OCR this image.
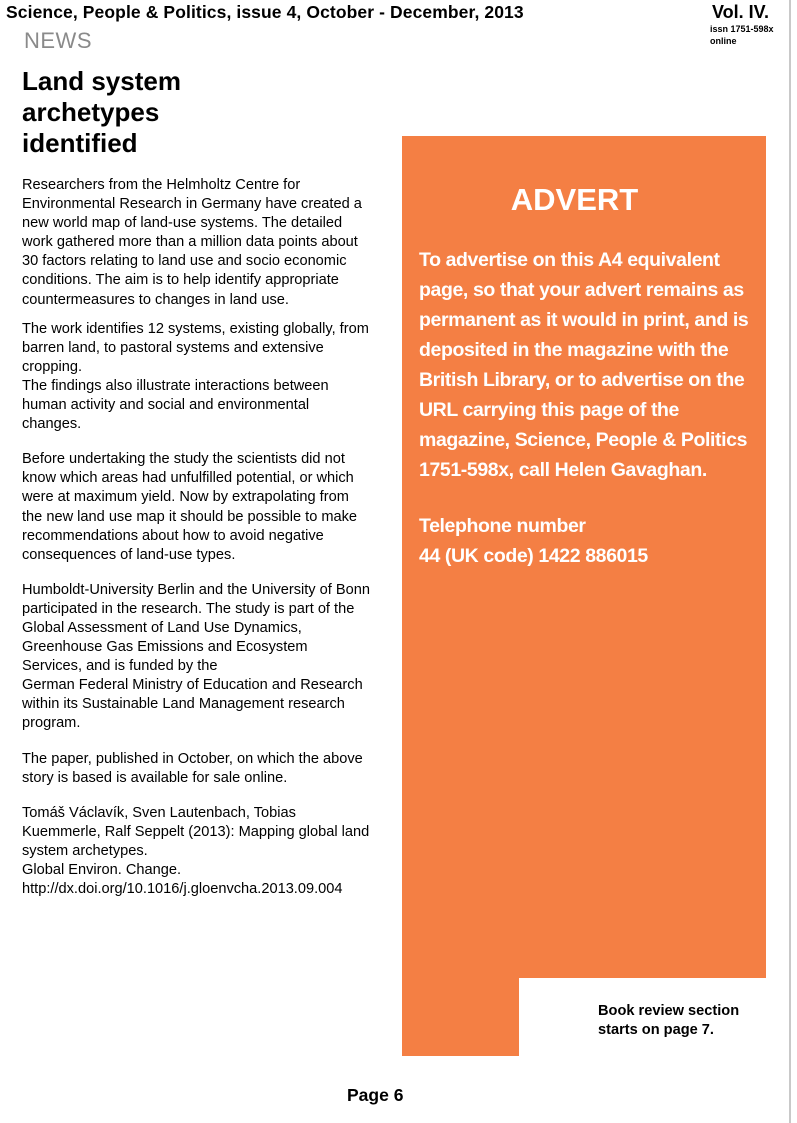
Science, People & Politics, issue 4, October - December, 2013	Vol. IV.
issn 1751-598x
online
NEWS
Land system
archetypes
identified

Researchers from the Helmholtz Centre for Environmental Research in Germany have created a new world map of land-use systems. The detailed work gathered more than a million data points about 30 factors relating to land use and socio economic conditions. The aim is to help identify appropriate countermeasures to changes in land use.

The work identifies 12 systems, existing globally, from barren land, to pastoral systems and extensive cropping.

The findings also illustrate interactions between human activity and social and environmental changes.

Before undertaking the study the scientists did not know which areas had unfulfilled potential, or which were at maximum yield. Now by extrapolating from the new land use map it should be possible to make recommendations about how to avoid negative consequences of land-use types.

Humboldt-University Berlin and the University of Bonn participated in the research. The study is part of the

Global Assessment of Land Use Dynamics, Greenhouse Gas Emissions and Ecosystem Services, and is funded by the

German Federal Ministry of Education and Research within its Sustainable Land Management research program.

The paper, published in October, on which the above story is based is available for sale online.

Tomáš Václavík, Sven Lautenbach, Tobias Kuemmerle, Ralf Seppelt (2013): Mapping global land system archetypes.
Global Environ. Change.
http://dx.doi.org/10.1016/j.gloenvcha.2013.09.004

ADVERT

To advertise on this A4 equivalent
page, so that your advert remains as
permanent as it would in print, and is
deposited in the magazine with the
British Library, or to advertise on the
URL carrying this page of the
magazine, Science, People & Politics
1751-598x, call Helen Gavaghan.

Telephone number
44 (UK code) 1422 886015

Book review section starts on page 7.
Page 6
